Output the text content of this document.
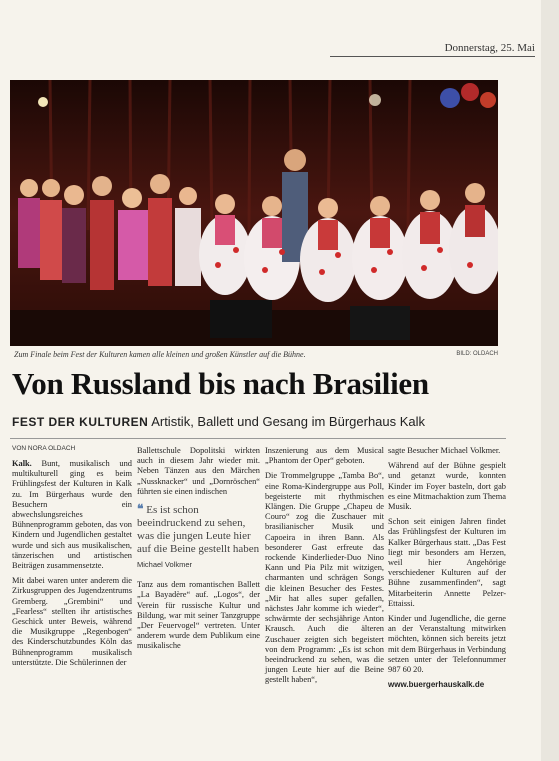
Donnerstag, 25. Mai
Zum Finale beim Fest der Kulturen kamen alle kleinen und großen Künstler auf die Bühne.	BILD: OLDACH
Von Russland bis nach Brasilien
FEST DER KULTUREN Artistik, Ballett und Gesang im Bürgerhaus Kalk
VON NORA OLDACH

Kalk. Bunt, musikalisch und multikulturell ging es beim Frühlingsfest der Kulturen in Kalk zu. Im Bürgerhaus wurde den Besuchern ein abwechslungsreiches Bühnenprogramm geboten, das von Kindern und Jugendlichen gestaltet wurde und sich aus musikalischen, tänzerischen und artistischen Beiträgen zusammensetzte.

Mit dabei waren unter anderem die Zirkusgruppen des Jugendzentrums Gremberg. „Grembini“ und „Fearless“ stellten ihr artistisches Geschick unter Beweis, während die Musikgruppe „Regenbogen“ des Kinderschutzbundes Köln das Bühnenprogramm musikalisch unterstützte. Die Schülerinnen der

Ballettschule Dopolitski wirkten auch in diesem Jahr wieder mit. Neben Tänzen aus den Märchen „Nussknacker“ und „Dornröschen“ führten sie einen indischen

❝ Es ist schon beeindruckend zu sehen, was die jungen Leute hier auf die Beine gestellt haben
Michael Volkmer

Tanz aus dem romantischen Ballett „La Bayadère“ auf. „Logos“, der Verein für russische Kultur und Bildung, war mit seiner Tanzgruppe „Der Feuervogel“ vertreten. Unter anderem wurde dem Publikum eine musikalische

Inszenierung aus dem Musical „Phantom der Oper“ geboten.

Die Trommelgruppe „Tamba Bo“, eine Roma-Kindergruppe aus Poll, begeisterte mit rhythmischen Klängen. Die Gruppe „Chapeu de Couro“ zog die Zuschauer mit brasilianischer Musik und Capoeira in ihren Bann. Als besonderer Gast erfreute das rockende Kinderlieder-Duo Nino Kann und Pia Pilz mit witzigen, charmanten und schrägen Songs die kleinen Besucher des Festes. „Mir hat alles super gefallen, nächstes Jahr komme ich wieder“, schwärmte der sechsjährige Anton Krausch. Auch die älteren Zuschauer zeigten sich begeistert von dem Programm: „Es ist schon beeindruckend zu sehen, was die jungen Leute hier auf die Beine gestellt haben“,

sagte Besucher Michael Volkmer.

Während auf der Bühne gespielt und getanzt wurde, konnten Kinder im Foyer basteln, dort gab es eine Mitmachaktion zum Thema Musik.

Schon seit einigen Jahren findet das Frühlingsfest der Kulturen im Kalker Bürgerhaus statt. „Das Fest liegt mir besonders am Herzen, weil hier Angehörige verschiedener Kulturen auf der Bühne zusammenfinden“, sagt Mitarbeiterin Annette Pelzer-Ettaissi.

Kinder und Jugendliche, die gerne an der Veranstaltung mitwirken möchten, können sich bereits jetzt mit dem Bürgerhaus in Verbindung setzen unter der Telefonnummer 987 60 20.

www.buergerhauskalk.de
